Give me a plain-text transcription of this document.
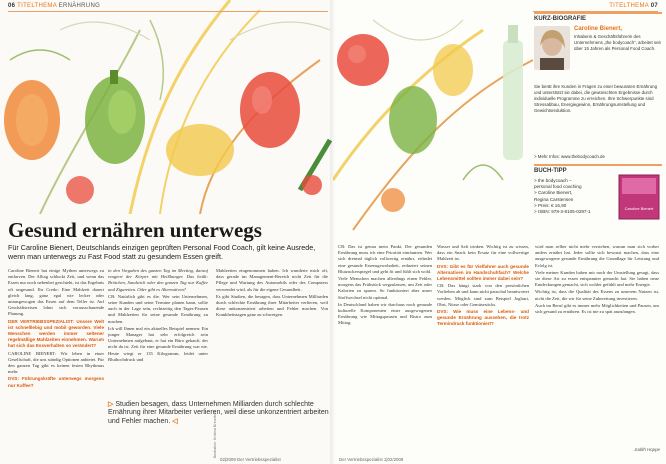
06 TITELTHEMA ERNÄHRUNG
Gesund ernähren unterwegs
Für Caroline Bienert, Deutschlands einzigen geprüften Personal Food Coach, gilt keine Ausrede, wenn man unterwegs zu Fast Food statt zu gesundem Essen greift.

Caroline Bienert hat einige Mythen unterwegs zu entlarven. Der Alltag schluckt Zeit, und wenn das Essen nur noch nebenbei geschieht, ist das Ergebnis oft ungesund. Ihr Credo: Eine Mahlzeit dauert gleich lang, ganz egal wie lecker oder unausgewogen das Essen auf dem Teller ist. Auf Geschäftsreisen lohnt sich vorausschauende Planung.

DER VERTRIEBSSPEZIALIST: Unsere Welt ist schnelllebig und mobil geworden. Viele Menschen werden immer seltener regelmäßige Mahlzeiten einnehmen. Warum hat sich das Essverhalten so verändert?

CAROLINE BIENERT: Wir leben in einer Gesellschaft, die uns ständig Optionen anbietet. Für den ganzen Tag gibt es keinen festen Rhythmus mehr.

DVS: Führungskräfte unterwegs morgens nur Kaffee?

in den Vorgaben des ganzen Tag im Meeting, darauf reagiert der Körper mit Heißhunger. Das heißt: Brötchen, Sandwich oder den ganzen Tag nur Kaffee und Zigaretten. Oder gibt es Alternativen?

CB: Natürlich gibt es die. Wer sein Unternehmen, seine Kunden und seine Termine planen kann, sollte auch in der Lage sein, rechtzeitig den Tages-Pausen und Mahlzeiten für seine gesunde Ernährung zu machen.

Ich will Ihnen mal ein aktuelles Beispiel nennen: Ein junger Manager hat sehr erfolgreich sein Unternehmen aufgebaut, er hat ein Büro gekauft, der nicht da ist. Zeit für eine gesunde Ernährung war nie. Heute wiegt er 135 Kilogramm, leidet unter Bluthochdruck und

Mahlzeiten eingenommen haben. Ich wunderte mich oft, dass gerade im Management-Bereich nicht Zeit für die Pflege und Wartung des Automobils oder des Computers verwendet wird, als für die eigene Gesundheit.

Es gibt Studien, die besagen, dass Unternehmen Milliarden durch schlechte Ernährung ihrer Mitarbeiter verlieren, weil diese unkonzentriert arbeiten und Fehler machen. Von Krankheitstagen ganz zu schweigen.

▷ Studien besagen, dass Unternehmen Milliarden durch schlechte Ernährung ihrer Mitarbeiter verlieren, weil diese unkonzentriert arbeiten und Fehler machen. ◁
02|2009 Der Vertriebsspezialist
Illustration: Kristina Breunlich
TITELTHEMA 07

CB: Das ist genau mein Punkt. Der gesunden Ernährung muss ich eine Priorität einräumen. Wer sich dreimal täglich vollwertig ernährt, erfindet eine gesunde Essensgewohnheit, reduziert seinen Blutzuckerspiegel und geht fit und fühlt sich wohl.

Viele Menschen machen allerdings einen Fehler, morgens das Frühstück wegzulassen, um Zeit oder Kalorien zu sparen. So funktioniert aber unser Stoffwechsel nicht optimal.

In Deutschland haben wir durchaus noch gesunde kulturelle Komponenten einer ausgewogenen Ernährung wie Mittagspausen und Bistro zum Mittag.

Wasser und Saft trinken. Wichtig ist zu wissen, dass ein Snack kein Ersatz für eine vollwertige Mahlzeit ist.

DVS: Gibt es für Vielfahrer auch gesunde Alternativen im Handschuhfach? Welche Lebensmittel sollten immer dabei sein?

CB: Das hängt stark von den persönlichen Vorlieben ab und kann nicht pauschal beantwortet werden. Möglich sind zum Beispiel Joghurt, Obst, Nüsse oder Gemüsesticks.

DVS: Wie muss eine Lebens- und gesunde Ernährung aussehen, die trotz Termindruck funktioniert?

wird man selber nicht mehr verstehen, warum man sich vorher anders ernährt hat. Jeder sollte sich bewusst machen, dass eine ausgewogene gesunde Ernährung die Grundlage für Leistung und Erfolg ist.

Viele meiner Kunden haben mir nach der Umstellung gesagt, dass sie diese Art zu essen entspannter gemacht hat. Sie haben neue Entdeckungen gemacht, sich wohler gefühlt und mehr Energie.

Wichtig ist, dass die Qualität des Essens zu unserem Nutzen ist, nicht die Zeit, die wir für seine Zubereitung investieren.

Auch im Beruf gibt es immer mehr Möglichkeiten und Pausen, um sich gesund zu ernähren. Es ist nie zu spät anzufangen.

Judith Hoppe
Der Vertriebsspezialist 1|02/2009
KURZ-BIOGRAFIE
Caroline Bienert,
Inhaberin & Geschäftsführerin des Unternehmens „the bodycoach", arbeitet seit über 15 Jahren als Personal Food Coach.
Sie berät ihre Kunden in Fragen zu einer bewussten Ernährung und unterstützt sie dabei, die gewünschten Ergebnisse durch individuelle Programme zu erreichen. Ihre Schwerpunkte sind Stressabbau, Energiegewinn, Ernährungsumstellung und Gewichtsreduktion.
> Mehr Infos: www.thebodycoach.de
BUCH-TIPP
> the bodycoach –
personal food coaching
> Caroline Bienert,
Regina Carstensen
> Preis: € 16,90
> ISBN: 978-3-8105-0297-1
Caroline Bienert
